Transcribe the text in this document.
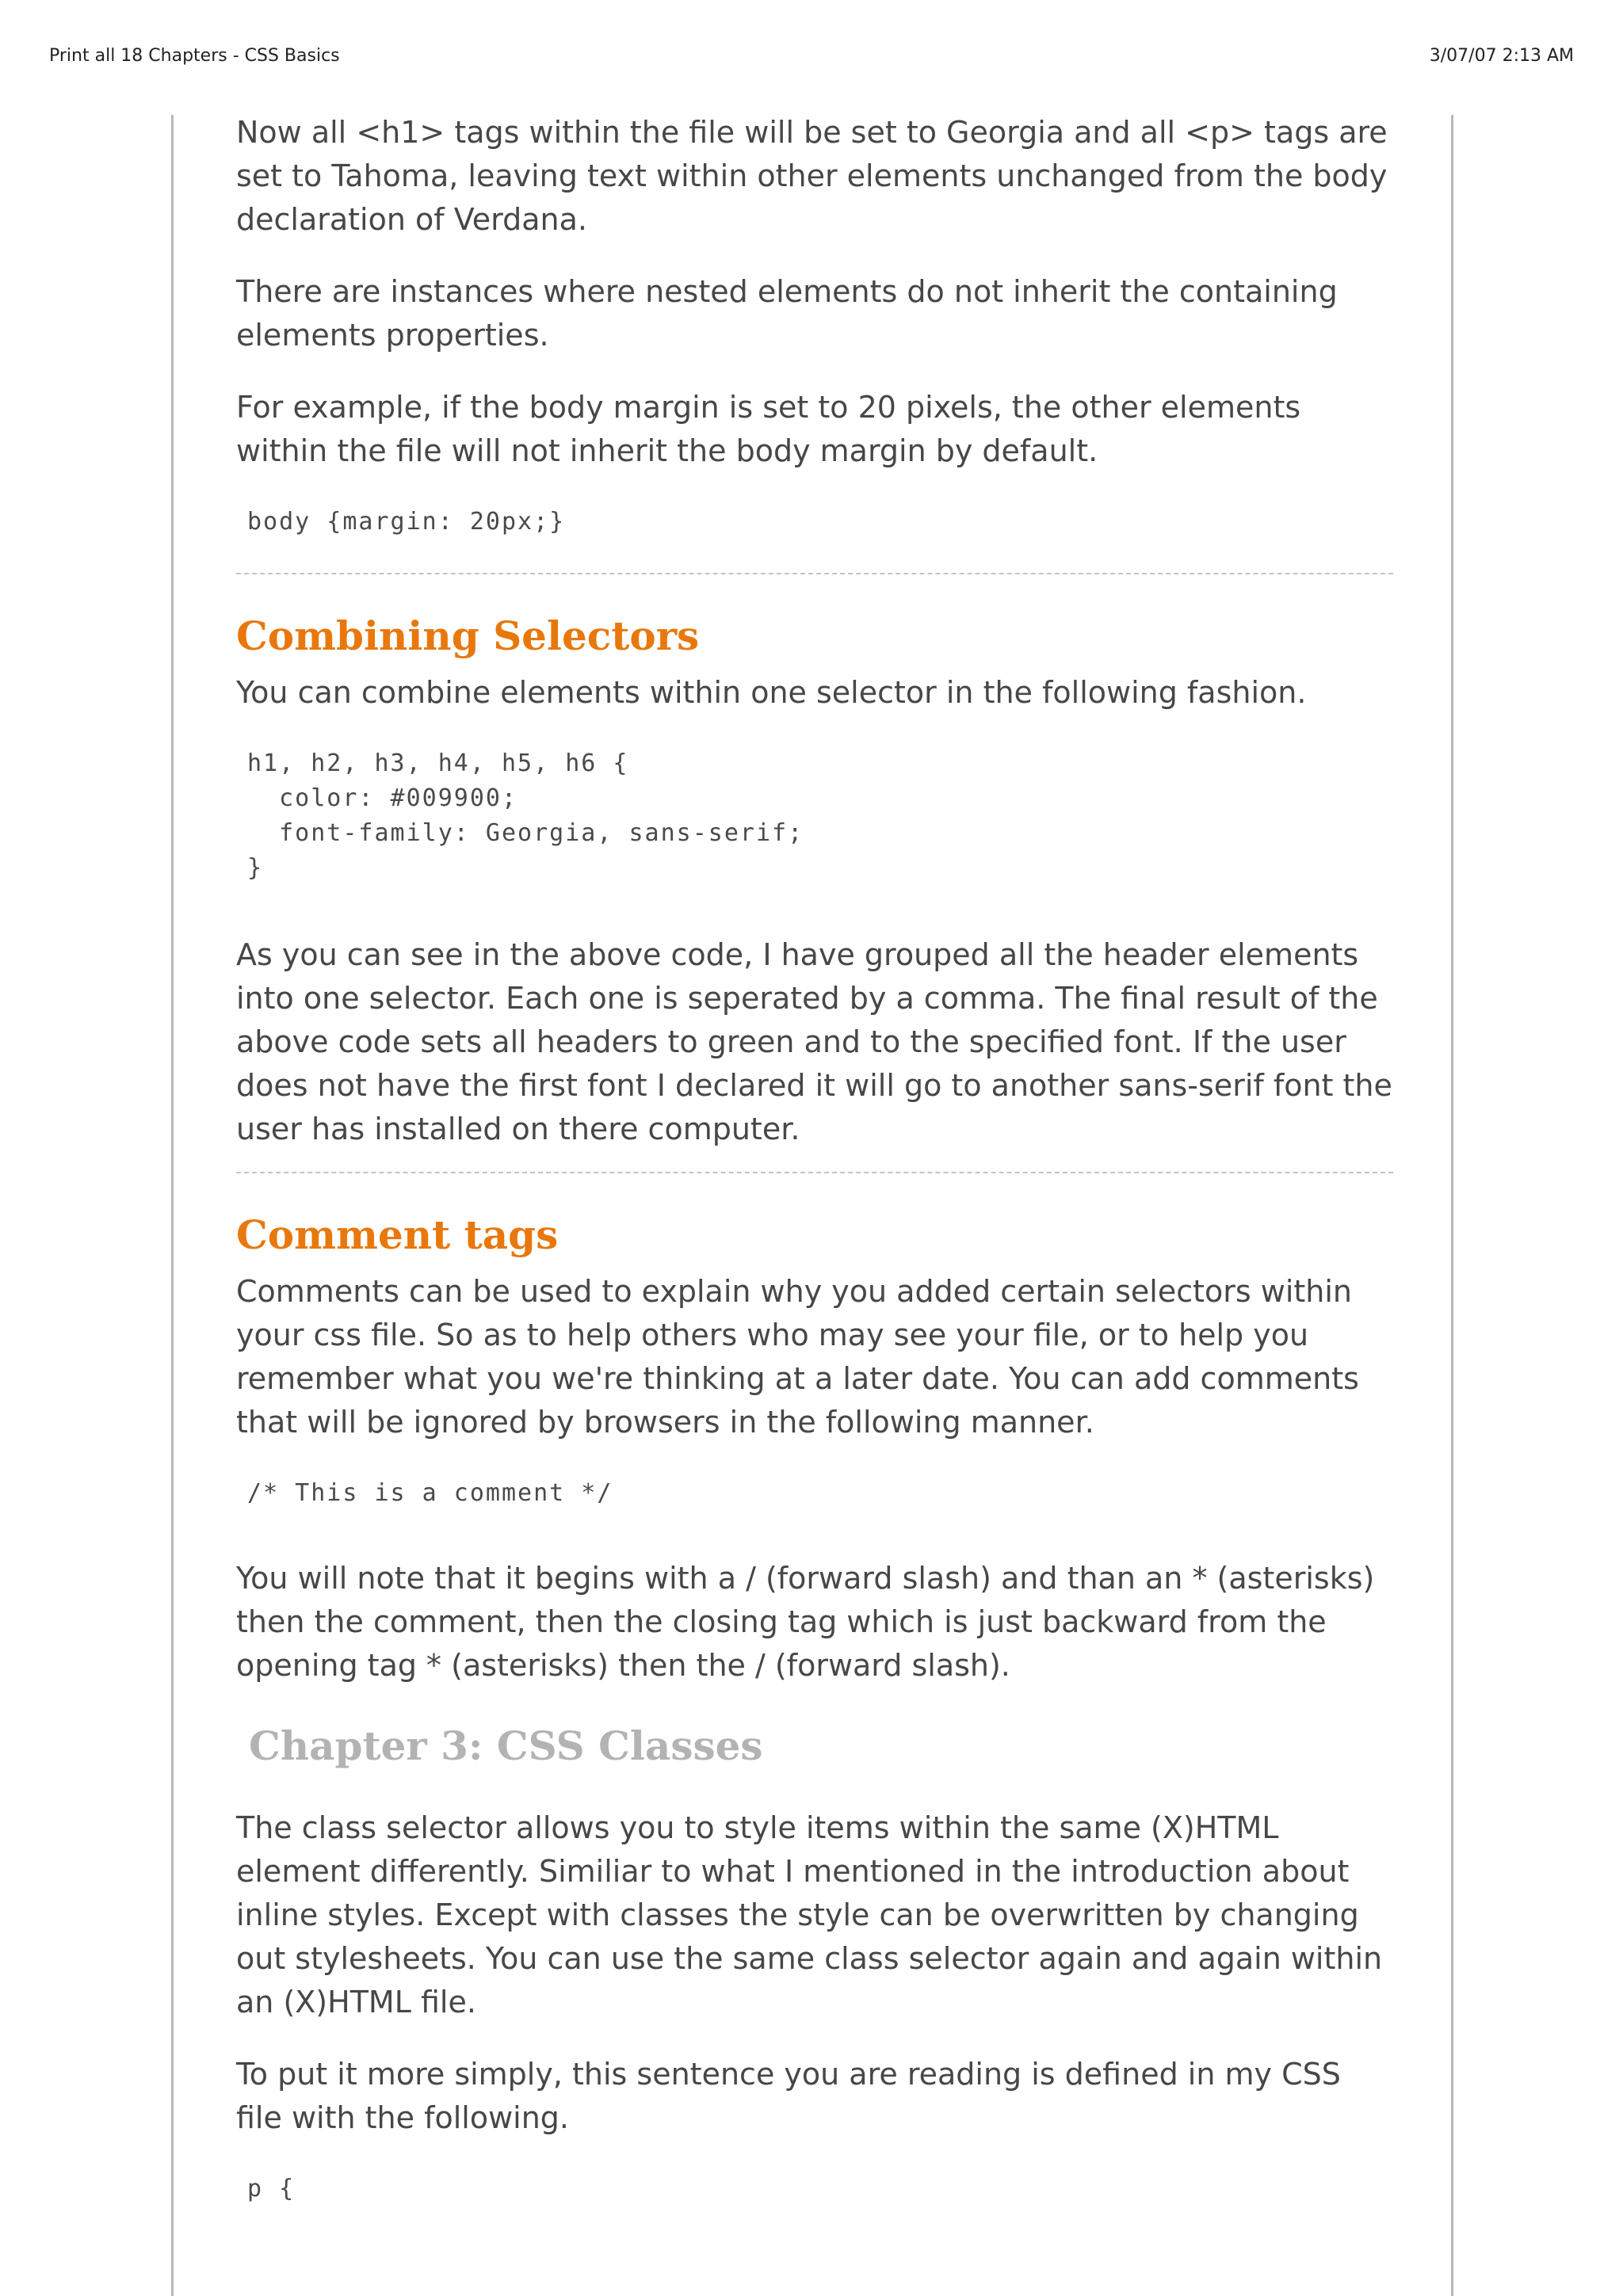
Print all 18 Chapters - CSS Basics	3/07/07 2:13 AM

Now all <h1> tags within the file will be set to Georgia and all <p> tags are set to Tahoma, leaving text within other elements unchanged from the body declaration of Verdana.

There are instances where nested elements do not inherit the containing elements properties.

For example, if the body margin is set to 20 pixels, the other elements within the file will not inherit the body margin by default.

body {margin: 20px;}
Combining Selectors

You can combine elements within one selector in the following fashion.

h1, h2, h3, h4, h5, h6 {
color: #009900;
font-family: Georgia, sans-serif;
}

As you can see in the above code, I have grouped all the header elements into one selector. Each one is seperated by a comma. The final result of the above code sets all headers to green and to the specified font. If the user does not have the first font I declared it will go to another sans-serif font the user has installed on there computer.

Comment tags

Comments can be used to explain why you added certain selectors within your css file. So as to help others who may see your file, or to help you remember what you we're thinking at a later date. You can add comments that will be ignored by browsers in the following manner.

/* This is a comment */

You will note that it begins with a / (forward slash) and than an * (asterisks) then the comment, then the closing tag which is just backward from the opening tag * (asterisks) then the / (forward slash).

Chapter 3: CSS Classes

The class selector allows you to style items within the same (X)HTML element differently. Similiar to what I mentioned in the introduction about inline styles. Except with classes the style can be overwritten by changing out stylesheets. You can use the same class selector again and again within an (X)HTML file.

To put it more simply, this sentence you are reading is defined in my CSS file with the following.

p {
